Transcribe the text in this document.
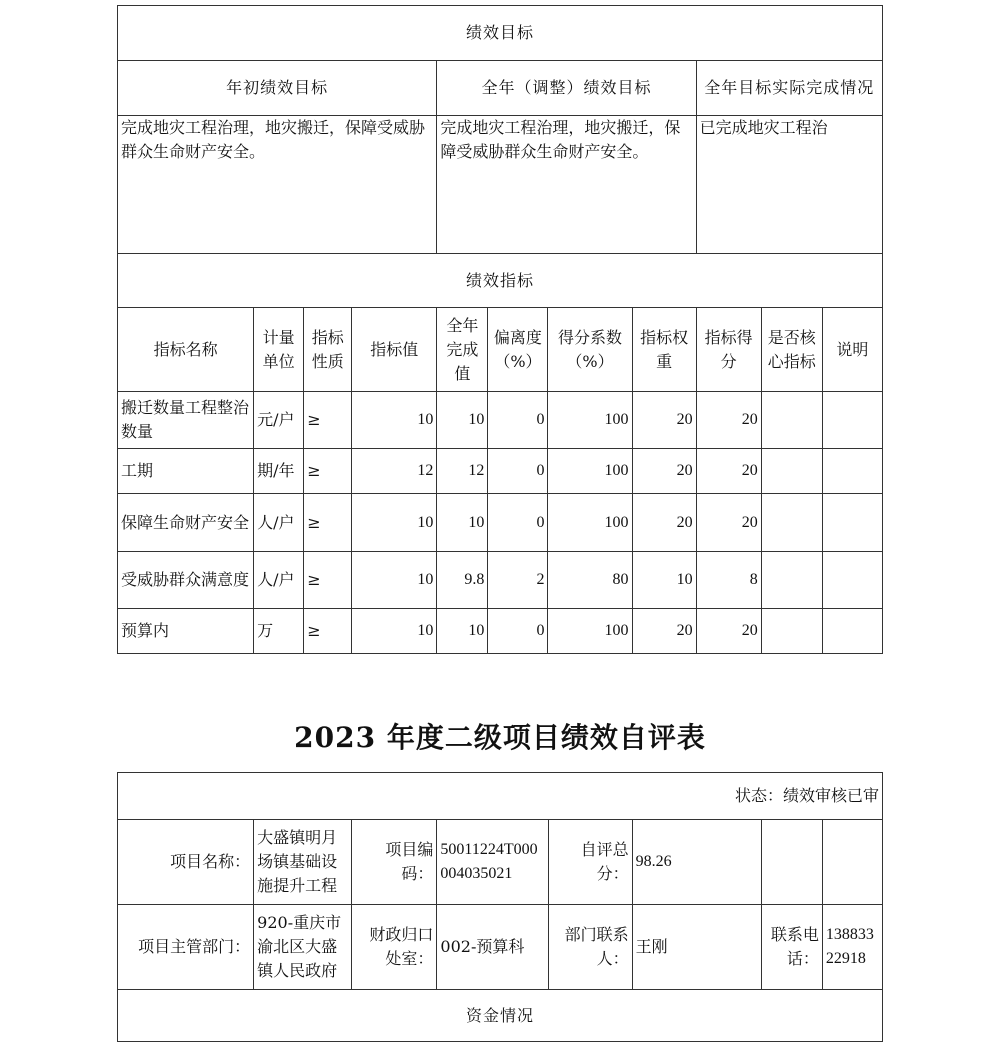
绩效目标										
年初绩效目标				全年（调整）绩效目标				全年目标实际完成情况		
完成地灾工程治理，地灾搬迁，保障受威胁群众生命财产安全。				完成地灾工程治理，地灾搬迁，保障受威胁群众生命财产安全。				已完成地灾工程治		
绩效指标										
指标名称	计量单位	指标性质	指标值	全年完成值	偏离度（%）	得分系数（%）	指标权重	指标得分	是否核心指标	说明
搬迁数量工程整治数量	元/户	≥	10	10	0	100	20	20		
工期	期/年	≥	12	12	0	100	20	20		
保障生命财产安全	人/户	≥	10	10	0	100	20	20		
受威胁群众满意度	人/户	≥	10	9.8	2	80	10	8		
预算内	万	≥	10	10	0	100	20	20		
2023 年度二级项目绩效自评表
状态：绩效审核已审							
项目名称：	大盛镇明月场镇基础设施提升工程	项目编码：	50011224T000004035021	自评总分：	98.26		
项目主管部门：	920-重庆市渝北区大盛镇人民政府	财政归口处室：	002-预算科	部门联系人：	王刚	联系电话：	13883322918
资金情况							
